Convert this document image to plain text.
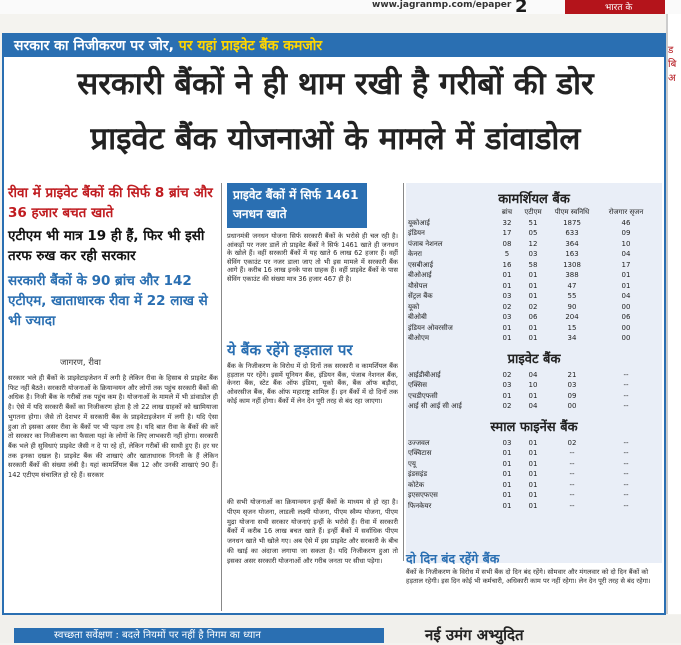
www.jagranmp.com/epaper 2	भारत के
ड बि अ
सरकार का निजीकरण पर जोर, पर यहां प्राइवेट बैंक कमजोर
सरकारी बैंकों ने ही थाम रखी है गरीबों की डोर
प्राइवेट बैंक योजनाओं के मामले में डांवाडोल
रीवा में प्राइवेट बैंकों की सिर्फ 8 ब्रांच और 36 हजार बचत खाते
एटीएम भी मात्र 19 ही हैं, फिर भी इसी तरफ रुख कर रही सरकार
सरकारी बैंकों के 90 ब्रांच और 142 एटीएम, खाताधारक रीवा में 22 लाख से भी ज्यादा
जागरण, रीवा
सरकार भले ही बैंकों के प्राइवेटाइजेशन में लगी है लेकिन रीवा के हिसाब से प्राइवेट बैंक फिट नहीं बैठते। सरकारी योजनाओं के क्रियान्वयन और लोगों तक पहुंच सरकारी बैंकों की अधिक है। निजी बैंक के गरीबों तक पहुंच कम है। योजनाओं के मामले में भी डांवाडोल ही है। ऐसे में यदि सरकारी बैंकों का निजीकरण होता है तो 22 लाख ग्राहकों को खामियाजा भुगतना होगा। जैसे तो देशभर में सरकारी बैंक के प्राइवेटाइजेशन में लगी है। यदि ऐसा हुआ तो इसका असर रीवा के बैंकों पर भी पड़ना तय है। यदि बात रीवा के बैंकों की करें तो सरकार का निजीकरण का फैसला यहां के लोगों के लिए लाभकारी नहीं होगा। सरकारी बैंक भले ही सुविधाएं प्राइवेट जैसी न दे पा रहे हों, लेकिन गरीबों की साथी हुए हैं। हर घर तक इनका दखल है। प्राइवेट बैंक की शाखाएं और खाताधारक गिनती के हैं लेकिन सरकारी बैंकों की संख्या लंबी है। यहां कामर्शियल बैंक 12 और उनकी शाखाएं 90 हैं। 142 एटीएम संचालित हो रहे हैं। सरकार
प्राइवेट बैंकों में सिर्फ 1461 जनधन खाते
प्रधानमंत्री जनधन योजना सिर्फ सरकारी बैंकों के भरोसे ही चल रही है। आंकड़ों पर नजर डालें तो प्राइवेट बैंकों ने सिर्फ 1461 खाते ही जनधन के खोले हैं। वहीं सरकारी बैंकों में यह खाते 6 लाख 62 हजार हैं। वहीं सेविंग एकाउंट पर नजर डाला जाए तो भी इस मामले में सरकारी बैंक आगे हैं। करीब 16 लाख इनके पास ग्राहक हैं। वहीं प्राइवेट बैंकों के पास सेविंग एकाउंट की संख्या मात्र 36 हजार 467 ही है।
ये बैंक रहेंगे हड़ताल पर
बैंक के निजीकरण के विरोध में दो दिनों तक सरकारी व कामर्शियल बैंक हड़ताल पर रहेंगे। इसमें यूनियन बैंक, इंडियन बैंक, पंजाब नेशनल बैंक, केनरा बैंक, स्टेट बैंक ऑफ इंडिया, यूको बैंक, बैंक ऑफ बड़ौदा, ओवरसीज बैंक, बैंक ऑफ महाराष्ट्र शामिल हैं। इन बैंकों में दो दिनों तक कोई काम नहीं होगा। बैंकों में लेन देन पूरी तरह से बंद रहा जाएगा।
की सभी योजनाओं का क्रियान्वयन इन्हीं बैंकों के माध्यम से हो रहा है। पीएम सृजन योजना, लाडली लक्ष्मी योजना, पीएम स्वैम्प योजना, पीएम मुद्रा योजना सभी सरकार योजनाएं इन्हीं के भरोसे हैं। रीवा में सरकारी बैंकों में करीब 16 लाख बचत खाते हैं। इन्हीं बैंकों में सर्वाधिक पीएम जनधन खाते भी खोले गए। अब ऐसे में इस प्राइवेट और सरकारी के बीच की खाई का अंदाजा लगाया जा सकता है। यदि निजीकरण हुआ तो इसका असर सरकारी योजनाओं और गरीब जनता पर सीधा पड़ेगा।
कामर्शियल बैंक
	ब्रांच	एटीएम	पीएम स्वनिधि	रोजगार सृजन
यूकोआई	32	51	1875	46
इंडियन	17	05	633	09
पंजाब नेशनल	08	12	364	10
केनरा	5	03	163	04
एसबीआई	16	58	1308	17
बीओआई	01	01	388	01
यौसेपल	01	01	47	01
सेंट्रल बैंक	03	01	55	04
यूको	02	02	90	00
बीओबी	03	06	204	06
इंडियन ओवरसीज	01	01	15	00
बीओएम	01	01	34	00
प्राइवेट बैंक
आईडीबीआई	02	04	21	--
एक्सिस	03	10	03	--
एचडीएफसी	01	01	09	--
आई सी आई सी आई	02	04	00	--
स्माल फाइनेंस बैंक
उज्जवल	03	01	02	--
एक्विटास	01	01	--	--
एयू	01	01	--	--
इंडसइंड	01	01	--	--
कोटेक	01	01	--	--
इएसएफएस	01	01	--	--
फिनकेयर	01	01	--	--
दो दिन बंद रहेंगे बैंक
बैंकों के निजीकरण के विरोध में सभी बैंक दो दिन बंद रहेंगे। सोमवार और मंगलवार को दो दिन बैंकों को हड़ताल रहेगी। इस दिन कोई भी कर्मचारी, अधिकारी काम पर नहीं रहेगा। लेन देन पूरी तरह से बंद रहेगा।
स्वच्छता सर्वेक्षण : बदले नियमों पर नहीं है निगम का ध्यान	नई उमंग अभ्युदित
